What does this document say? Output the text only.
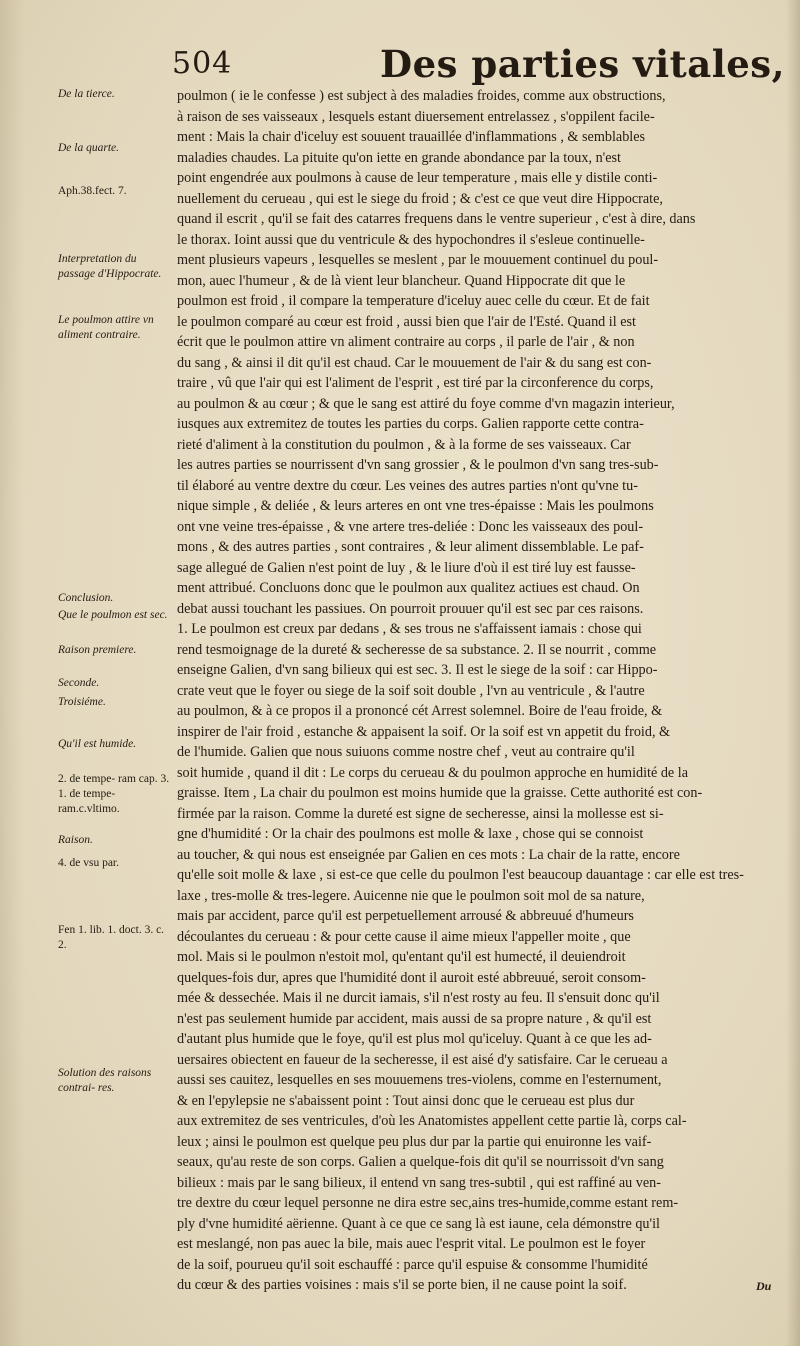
504	Des parties vitales,
De la tierce.
De la quarte.
Aph.38.fect. 7.
Interpretation du passage d'Hippocrate.
Le poulmon attire vn aliment contraire.
Conclusion.
Que le poulmon est sec.
Raison premiere.
Seconde.
Troisiéme.
Qu'il est humide.
2. de tempe- ram cap. 3. 1. de tempe- ram.c.vltimo.
Raison.
4. de vsu par.
Fen 1. lib. 1. doct. 3. c. 2.
Solution des raisons contrai- res.
poulmon ( ie le confesse ) est subject à des maladies froides, comme aux obstructions,
à raison de ses vaisseaux , lesquels estant diuersement entrelassez , s'oppilent facile-
ment : Mais la chair d'iceluy est souuent trauaillée d'inflammations , & semblables
maladies chaudes. La pituite qu'on iette en grande abondance par la toux, n'est
point engendrée aux poulmons à cause de leur temperature , mais elle y distile conti-
nuellement du cerueau , qui est le siege du froid ; & c'est ce que veut dire Hippocrate,
quand il escrit , qu'il se fait des catarres frequens dans le ventre superieur , c'est à dire, dans
le thorax. Ioint aussi que du ventricule & des hypochondres il s'esleue continuelle-
ment plusieurs vapeurs , lesquelles se meslent , par le mouuement continuel du poul-
mon, auec l'humeur , & de là vient leur blancheur. Quand Hippocrate dit que le
poulmon est froid , il compare la temperature d'iceluy auec celle du cœur. Et de fait
le poulmon comparé au cœur est froid , aussi bien que l'air de l'Esté. Quand il est
écrit que le poulmon attire vn aliment contraire au corps , il parle de l'air , & non
du sang , & ainsi il dit qu'il est chaud. Car le mouuement de l'air & du sang est con-
traire , vû que l'air qui est l'aliment de l'esprit , est tiré par la circonference du corps,
au poulmon & au cœur ; & que le sang est attiré du foye comme d'vn magazin interieur,
iusques aux extremitez de toutes les parties du corps. Galien rapporte cette contra-
rieté d'aliment à la constitution du poulmon , & à la forme de ses vaisseaux. Car
les autres parties se nourrissent d'vn sang grossier , & le poulmon d'vn sang tres-sub-
til élaboré au ventre dextre du cœur. Les veines des autres parties n'ont qu'vne tu-
nique simple , & deliée , & leurs arteres en ont vne tres-épaisse : Mais les poulmons
ont vne veine tres-épaisse , & vne artere tres-deliée : Donc les vaisseaux des poul-
mons , & des autres parties , sont contraires , & leur aliment dissemblable. Le paf-
sage allegué de Galien n'est point de luy , & le liure d'où il est tiré luy est fausse-
ment attribué. Concluons donc que le poulmon aux qualitez actiues est chaud. On
debat aussi touchant les passiues. On pourroit prouuer qu'il est sec par ces raisons.
1. Le poulmon est creux par dedans , & ses trous ne s'affaissent iamais : chose qui
rend tesmoignage de la dureté & secheresse de sa substance. 2. Il se nourrit , comme
enseigne Galien, d'vn sang bilieux qui est sec. 3. Il est le siege de la soif : car Hippo-
crate veut que le foyer ou siege de la soif soit double , l'vn au ventricule , & l'autre
au poulmon, & à ce propos il a prononcé cét Arrest solemnel. Boire de l'eau froide, &
inspirer de l'air froid , estanche & appaisent la soif. Or la soif est vn appetit du froid, &
de l'humide. Galien que nous suiuons comme nostre chef , veut au contraire qu'il
soit humide , quand il dit : Le corps du cerueau & du poulmon approche en humidité de la
graisse. Item , La chair du poulmon est moins humide que la graisse. Cette authorité est con-
firmée par la raison. Comme la dureté est signe de secheresse, ainsi la mollesse est si-
gne d'humidité : Or la chair des poulmons est molle & laxe , chose qui se connoist
au toucher, & qui nous est enseignée par Galien en ces mots : La chair de la ratte, encore
qu'elle soit molle & laxe , si est-ce que celle du poulmon l'est beaucoup dauantage : car elle est tres-
laxe , tres-molle & tres-legere. Auicenne nie que le poulmon soit mol de sa nature,
mais par accident, parce qu'il est perpetuellement arrousé & abbreuué d'humeurs
découlantes du cerueau : & pour cette cause il aime mieux l'appeller moite , que
mol. Mais si le poulmon n'estoit mol, qu'entant qu'il est humecté, il deuiendroit
quelques-fois dur, apres que l'humidité dont il auroit esté abbreuué, seroit consom-
mée & dessechée. Mais il ne durcit iamais, s'il n'est rosty au feu. Il s'ensuit donc qu'il
n'est pas seulement humide par accident, mais aussi de sa propre nature , & qu'il est
d'autant plus humide que le foye, qu'il est plus mol qu'iceluy. Quant à ce que les ad-
uersaires obiectent en faueur de la secheresse, il est aisé d'y satisfaire. Car le cerueau a
aussi ses cauitez, lesquelles en ses mouuemens tres-violens, comme en l'esternument,
& en l'epylepsie ne s'abaissent point : Tout ainsi donc que le cerueau est plus dur
aux extremitez de ses ventricules, d'où les Anatomistes appellent cette partie là, corps cal-
leux ; ainsi le poulmon est quelque peu plus dur par la partie qui enuironne les vaif-
seaux, qu'au reste de son corps. Galien a quelque-fois dit qu'il se nourrissoit d'vn sang
bilieux : mais par le sang bilieux, il entend vn sang tres-subtil , qui est raffiné au ven-
tre dextre du cœur lequel personne ne dira estre sec,ains tres-humide,comme estant rem-
ply d'vne humidité aërienne. Quant à ce que ce sang là est iaune, cela démonstre qu'il
est meslangé, non pas auec la bile, mais auec l'esprit vital. Le poulmon est le foyer
de la soif, pourueu qu'il soit eschauffé : parce qu'il espuise & consomme l'humidité
du cœur & des parties voisines : mais s'il se porte bien, il ne cause point la soif.	Du
